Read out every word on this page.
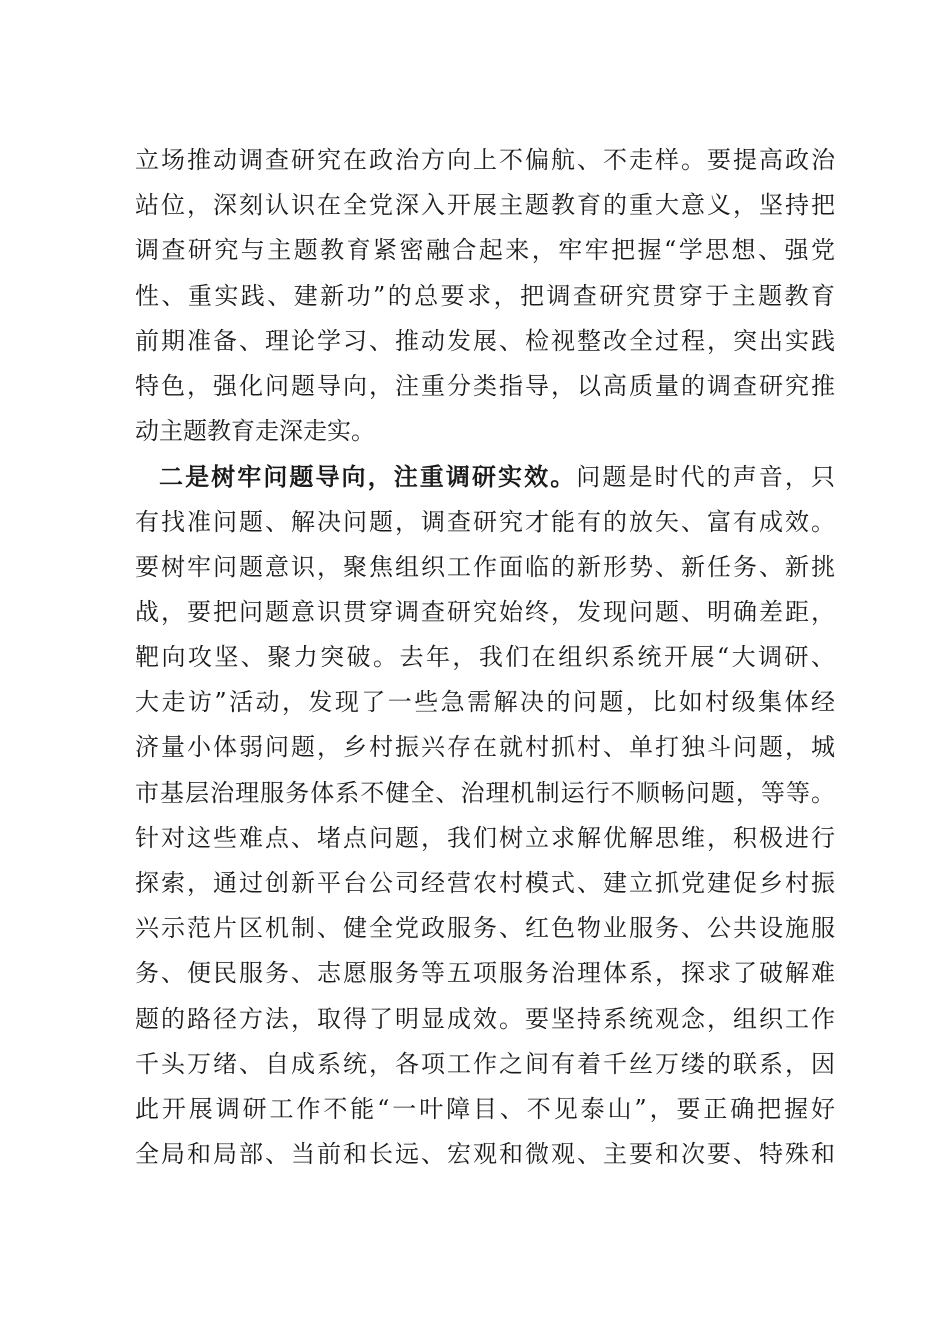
立场推动调查研究在政治方向上不偏航、不走样。要提高政治
站位，深刻认识在全党深入开展主题教育的重大意义，坚持把
调查研究与主题教育紧密融合起来，牢牢把握“学思想、强党
性、重实践、建新功”的总要求，把调查研究贯穿于主题教育
前期准备、理论学习、推动发展、检视整改全过程，突出实践
特色，强化问题导向，注重分类指导，以高质量的调查研究推
动主题教育走深走实。
二是树牢问题导向，注重调研实效。问题是时代的声音，只
有找准问题、解决问题，调查研究才能有的放矢、富有成效。
要树牢问题意识，聚焦组织工作面临的新形势、新任务、新挑
战，要把问题意识贯穿调查研究始终，发现问题、明确差距，
靶向攻坚、聚力突破。去年，我们在组织系统开展“大调研、
大走访”活动，发现了一些急需解决的问题，比如村级集体经
济量小体弱问题，乡村振兴存在就村抓村、单打独斗问题，城
市基层治理服务体系不健全、治理机制运行不顺畅问题，等等。
针对这些难点、堵点问题，我们树立求解优解思维，积极进行
探索，通过创新平台公司经营农村模式、建立抓党建促乡村振
兴示范片区机制、健全党政服务、红色物业服务、公共设施服
务、便民服务、志愿服务等五项服务治理体系，探求了破解难
题的路径方法，取得了明显成效。要坚持系统观念，组织工作
千头万绪、自成系统，各项工作之间有着千丝万缕的联系，因
此开展调研工作不能“一叶障目、不见泰山”，要正确把握好
全局和局部、当前和长远、宏观和微观、主要和次要、特殊和
